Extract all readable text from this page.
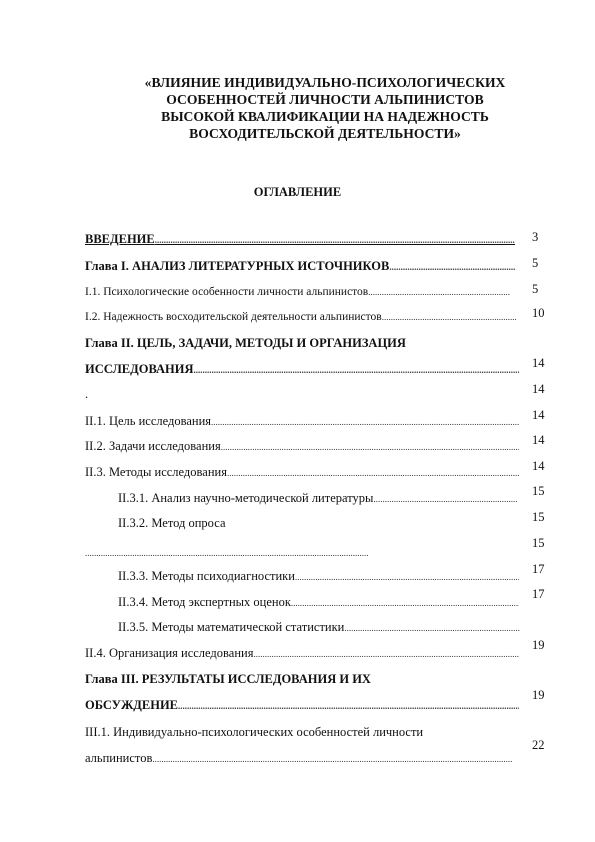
«ВЛИЯНИЕ ИНДИВИДУАЛЬНО-ПСИХОЛОГИЧЕСКИХ
ОСОБЕННОСТЕЙ ЛИЧНОСТИ АЛЬПИНИСТОВ
ВЫСОКОЙ КВАЛИФИКАЦИИ НА НАДЕЖНОСТЬ
ВОСХОДИТЕЛЬСКОЙ ДЕЯТЕЛЬНОСТИ»
ОГЛАВЛЕНИЕ
ВВЕДЕНИЕ
.....
Глава I. АНАЛИЗ ЛИТЕРАТУРНЫХ ИСТОЧНИКОВ
.....
I.1. Психологические особенности личности альпинистов
.....
I.2. Надежность восходительской деятельности альпинистов
.....
Глава II. ЦЕЛЬ, ЗАДАЧИ, МЕТОДЫ И ОРГАНИЗАЦИЯ
ИССЛЕДОВАНИЯ
.....
.
II.1. Цель исследования
.....
II.2. Задачи исследования
.....
II.3. Методы исследования
.....
II.3.1. Анализ научно-методической литературы
.....
II.3.2. Метод опроса
.....
II.3.3. Методы психодиагностики
.....
II.3.4. Метод экспертных оценок
.....
II.3.5. Методы математической статистики
.....
II.4. Организация исследования
.....
Глава III. РЕЗУЛЬТАТЫ ИССЛЕДОВАНИЯ И ИХ
ОБСУЖДЕНИЕ
.....
III.1. Индивидуально-психологических особенностей личности
альпинистов
.....
3
5
5
10
14
14
14
14
14
15
15
15
17
17
19
19
22
